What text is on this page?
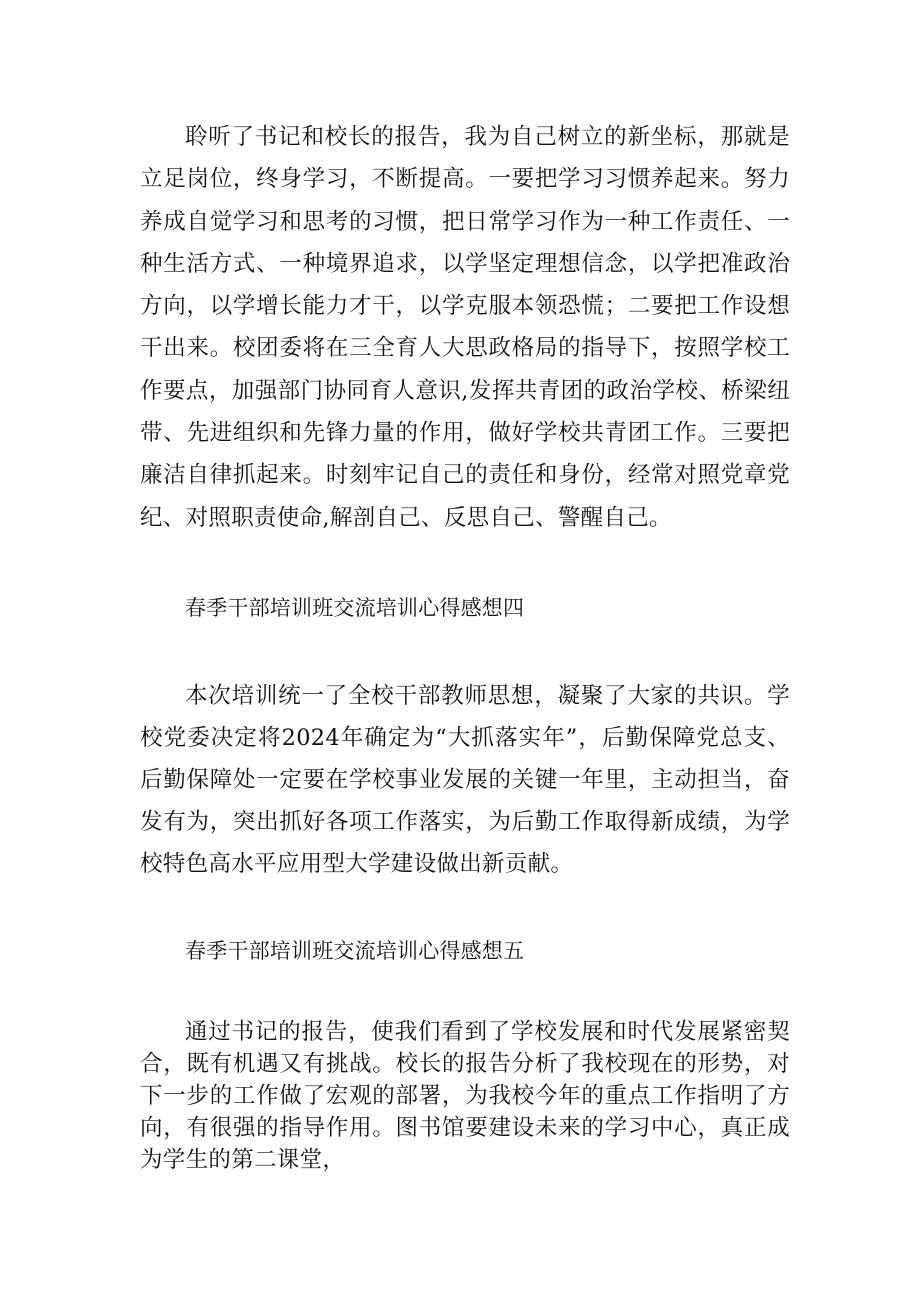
聆听了书记和校长的报告，我为自己树立的新坐标，那就是立足岗位，终身学习，不断提高。一要把学习习惯养起来。努力养成自觉学习和思考的习惯，把日常学习作为一种工作责任、一种生活方式、一种境界追求，以学坚定理想信念，以学把准政治方向，以学增长能力才干，以学克服本领恐慌；二要把工作设想干出来。校团委将在三全育人大思政格局的指导下，按照学校工作要点，加强部门协同育人意识,发挥共青团的政治学校、桥梁纽带、先进组织和先锋力量的作用，做好学校共青团工作。三要把廉洁自律抓起来。时刻牢记自己的责任和身份，经常对照党章党纪、对照职责使命,解剖自己、反思自己、警醒自己。

春季干部培训班交流培训心得感想四

本次培训统一了全校干部教师思想，凝聚了大家的共识。学校党委决定将2024年确定为“大抓落实年”，后勤保障党总支、后勤保障处一定要在学校事业发展的关键一年里，主动担当，奋发有为，突出抓好各项工作落实，为后勤工作取得新成绩，为学校特色高水平应用型大学建设做出新贡献。

春季干部培训班交流培训心得感想五

通过书记的报告，使我们看到了学校发展和时代发展紧密契合，既有机遇又有挑战。校长的报告分析了我校现在的形势，对下一步的工作做了宏观的部署，为我校今年的重点工作指明了方向，有很强的指导作用。图书馆要建设未来的学习中心，真正成为学生的第二课堂，
